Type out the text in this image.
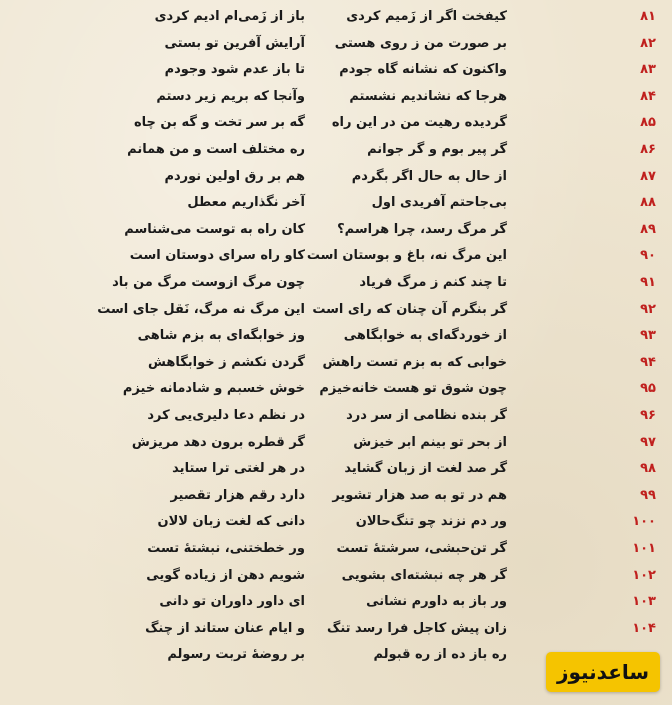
۸۱
کیفخت اگر از زَمیم کردی
باز از زَمی‌ام ادیم کردی
۸۲
بر صورت من ز روی هستی
آرایش آفرین تو بستی
۸۳
واکنون که نشانه گاه جودم
تا باز عدم شود وجودم
۸۴
هرجا که نشاندیم نشستم
وآنجا که بریم زیر دستم
۸۵
گردیده رهیت من در این راه
گه بر سر تخت و گه بن چاه
۸۶
گر پیر بوم و گر جوانم
ره مختلف است و من همانم
۸۷
از حال به حال اگر بگردم
هم بر رق اولین نوردم
۸۸
بی‌جاحتم آفریدی اول
آخر نگذاریم معطل
۸۹
گر مرگ رسد، چرا هراسم؟
کان راه به توست می‌شناسم
۹۰
این مرگ نه، باغ و بوستان است
کاو راه سرای دوستان است
۹۱
تا چند کنم ز مرگ فریاد
چون مرگ ازوست مرگ من باد
۹۲
گر بنگرم آن چنان که رای است
این مرگ نه مرگ، نَقل جای است
۹۳
از خوردگه‌ای به خوابگاهی
وز خوابگه‌ای به بزم شاهی
۹۴
خوابی که به بزم تست راهش
گردن نکشم ز خوابگاهش
۹۵
چون شوق تو هست خانه‌خیزم
خوش خسبم و شادمانه خیزم
۹۶
گر بنده نظامی از سر درد
در نظم دعا دلیری‌یی کرد
۹۷
از بحر تو بینم ابر خیزش
گر قطره برون دهد مریزش
۹۸
گر صد لغت از زبان گشاید
در هر لغتی ترا ستاید
۹۹
هم در تو به صد هزار تشویر
دارد رقم هزار تقصیر
۱۰۰
ور دم نزند چو تنگ‌حالان
دانی که لغت زبان لالان
۱۰۱
گر تن‌حبشی، سرشتهٔ تست
ور خطختنی، نبشتهٔ تست
۱۰۲
گر هر چه نبشته‌ای بشویی
شویم دهن از زیاده گویی
۱۰۳
ور باز به داورم نشانی
ای داور داوران تو دانی
۱۰۴
زان پیش کاجل فرا رسد تنگ
و ایام عنان ستاند از چنگ
ره باز ده از ره قبولم
بر روضهٔ تربت رسولم
ساعدنیوز
